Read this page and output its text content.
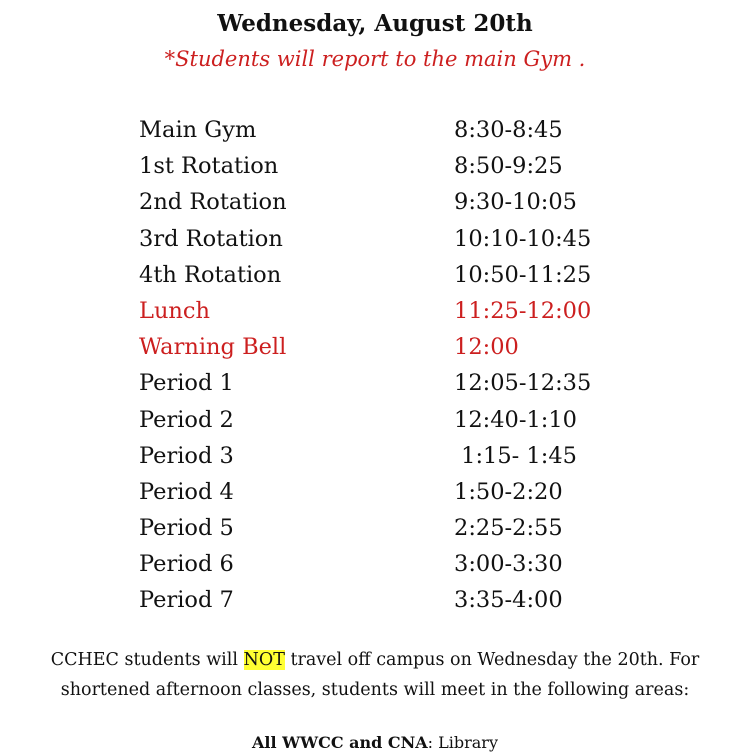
Wednesday, August 20th
*Students will report to the main Gym .
Main Gym	8:30-8:45
1st Rotation	8:50-9:25
2nd Rotation	9:30-10:05
3rd Rotation	10:10-10:45
4th Rotation	10:50-11:25
Lunch	11:25-12:00
Warning Bell	12:00
Period 1	12:05-12:35
Period 2	12:40-1:10
Period 3	1:15- 1:45
Period 4	1:50-2:20
Period 5	2:25-2:55
Period 6	3:00-3:30
Period 7	3:35-4:00
CCHEC students will NOT travel off campus on Wednesday the 20th. For
shortened afternoon classes, students will meet in the following areas:
All WWCC and CNA: Library
